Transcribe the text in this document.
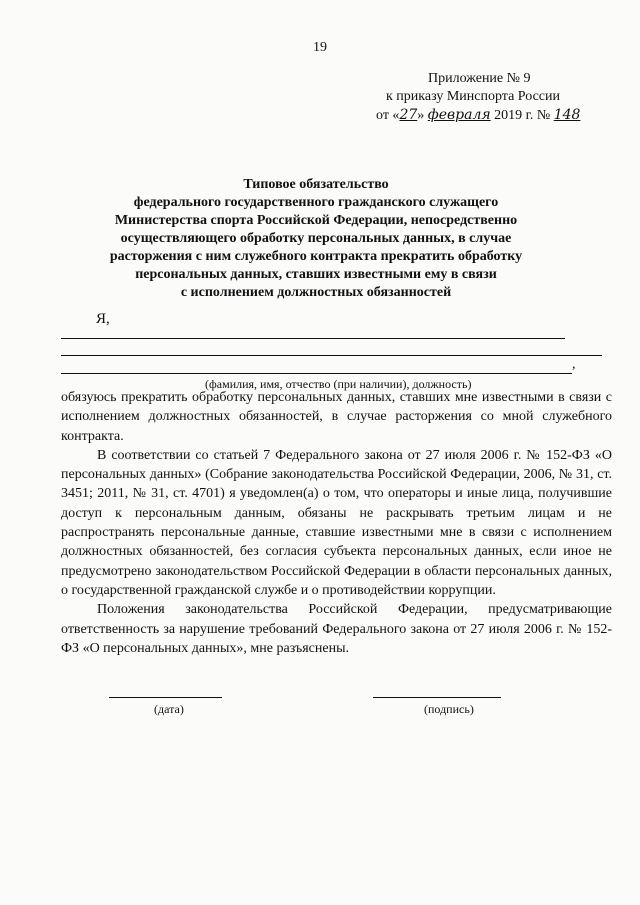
19
Приложение № 9
к приказу Минспорта России
от «27» февраля 2019 г. № 148
Типовое обязательство
федерального государственного гражданского служащего
Министерства спорта Российской Федерации, непосредственно
осуществляющего обработку персональных данных, в случае
расторжения с ним служебного контракта прекратить обработку
персональных данных, ставших известными ему в связи
с исполнением должностных обязанностей
Я,
,
(фамилия, имя, отчество (при наличии), должность)

обязуюсь прекратить обработку персональных данных, ставших мне известными в связи с исполнением должностных обязанностей, в случае расторжения со мной служебного контракта.

В соответствии со статьей 7 Федерального закона от 27 июля 2006 г. № 152-ФЗ «О персональных данных» (Собрание законодательства Российской Федерации, 2006, № 31, ст. 3451; 2011, № 31, ст. 4701) я уведомлен(а) о том, что операторы и иные лица, получившие доступ к персональным данным, обязаны не раскрывать третьим лицам и не распространять персональные данные, ставшие известными мне в связи с исполнением должностных обязанностей, без согласия субъекта персональных данных, если иное не предусмотрено законодательством Российской Федерации в области персональных данных, о государственной гражданской службе и о противодействии коррупции.

Положения законодательства Российской Федерации, предусматривающие ответственность за нарушение требований Федерального закона от 27 июля 2006 г. № 152-ФЗ «О персональных данных», мне разъяснены.

(дата)	(подпись)
